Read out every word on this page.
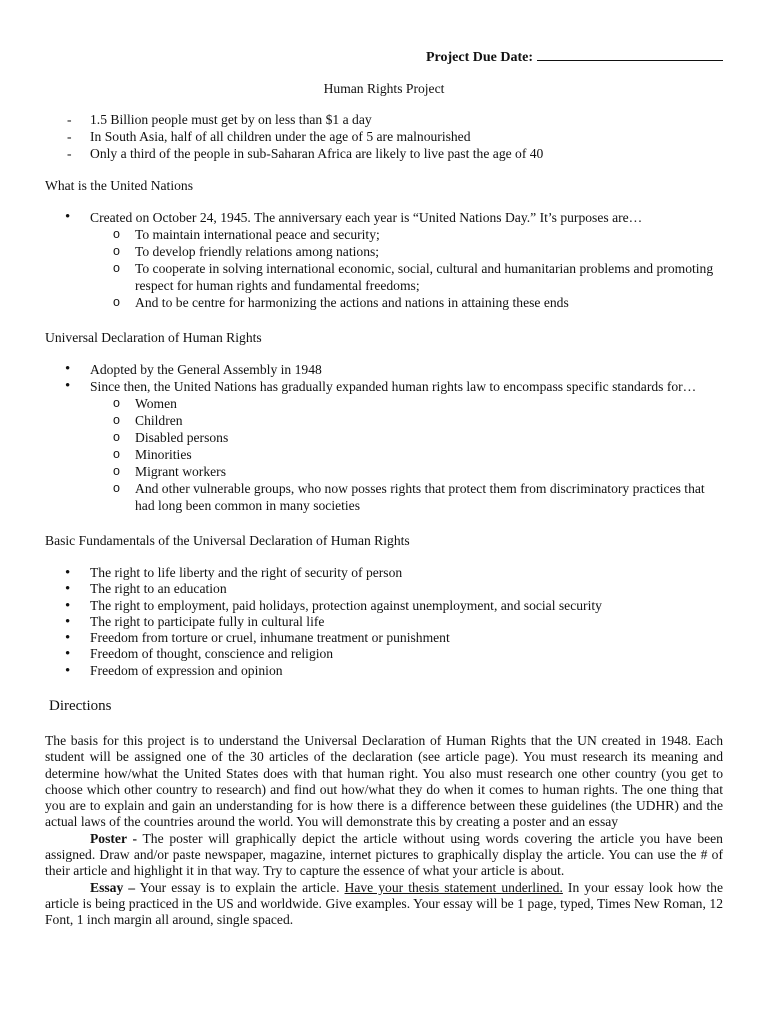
Project Due Date:
Human Rights Project
- 1.5 Billion people must get by on less than $1 a day
- In South Asia, half of all children under the age of 5 are malnourished
- Only a third of the people in sub-Saharan Africa are likely to live past the age of 40
What is the United Nations
• Created on October 24, 1945. The anniversary each year is “United Nations Day.” It’s purposes are…
o To maintain international peace and security;
o To develop friendly relations among nations;
o To cooperate in solving international economic, social, cultural and humanitarian problems and promoting respect for human rights and fundamental freedoms;
o And to be centre for harmonizing the actions and nations in attaining these ends
Universal Declaration of Human Rights
• Adopted by the General Assembly in 1948
• Since then, the United Nations has gradually expanded human rights law to encompass specific standards for…
o Women
o Children
o Disabled persons
o Minorities
o Migrant workers
o And other vulnerable groups, who now posses rights that protect them from discriminatory practices that had long been common in many societies
Basic Fundamentals of the Universal Declaration of Human Rights
• The right to life liberty and the right of security of person
• The right to an education
• The right to employment, paid holidays, protection against unemployment, and social security
• The right to participate fully in cultural life
• Freedom from torture or cruel, inhumane treatment or punishment
• Freedom of thought, conscience and religion
• Freedom of expression and opinion
Directions
The basis for this project is to understand the Universal Declaration of Human Rights that the UN created in 1948. Each student will be assigned one of the 30 articles of the declaration (see article page). You must research its meaning and determine how/what the United States does with that human right. You also must research one other country (you get to choose which other country to research) and find out how/what they do when it comes to human rights. The one thing that you are to explain and gain an understanding for is how there is a difference between these guidelines (the UDHR) and the actual laws of the countries around the world. You will demonstrate this by creating a poster and an essay
Poster - The poster will graphically depict the article without using words covering the article you have been assigned. Draw and/or paste newspaper, magazine, internet pictures to graphically display the article. You can use the # of their article and highlight it in that way. Try to capture the essence of what your article is about.
Essay – Your essay is to explain the article. Have your thesis statement underlined. In your essay look how the article is being practiced in the US and worldwide. Give examples. Your essay will be 1 page, typed, Times New Roman, 12 Font, 1 inch margin all around, single spaced.
